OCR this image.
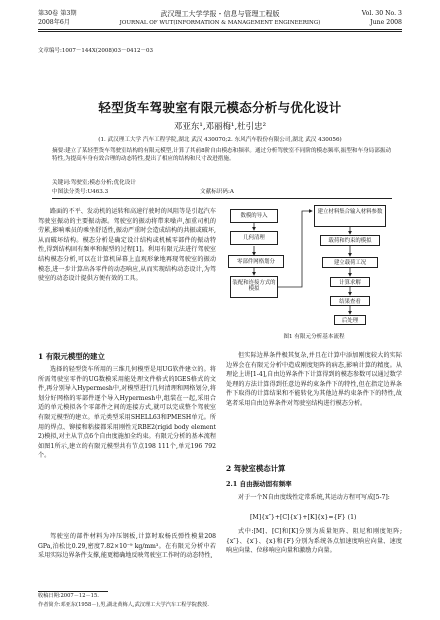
第30卷 第3期
2008年6月
武汉理工大学学报・信息与管理工程版
JOURNAL OF WUT(INFORMATION & MANAGEMENT ENGINEERING)
Vol. 30 No. 3
June 2008
文章编号:1007－144X(2008)03－0412－03
轻型货车驾驶室有限元模态分析与优化设计
邓亚东¹,邓丽梅¹,杜引忠²
(1. 武汉理工大学 汽车工程学院,湖北 武汉 430070;2. 东风汽车股份有限公司,湖北 武汉 430056)
摘要:建立了某轻型货车驾驶室结构的有限元模型,计算了其前8阶自由模态和频率。通过分析驾驶室不同阶的模态频率,振型和车身局部振动特性,为提高车身有效合理的动态特性,提出了相应的结构和尺寸改进措施。
关键词:驾驶室;模态分析;优化设计
中图法分类号:U463.3	文献标识码:A
路面的不平、发动机的运转和高速行驶时的风阻等是引起汽车驾驶室振动的主要振动源。驾驶室的振动将带来噪声,加重司机的劳累,影响乘员的乘坐舒适性,振动严重时会造成结构的共振或破坏,从而破坏结构。模态分析是确定设计结构或机械零部件的振动特性,得到结构固有频率和振型的过程[1]。利用有限元法进行驾驶室结构模态分析,可以在计算机屏幕上直观形象地再现驾驶室的振动模态,进一步计算出各零件的动态响应,从而实现结构动态设计,为驾驶室的动态设计提供方便有效的工具。
1 有限元模型的建立
选择的轻型货车所用的三维几何模型是用UG软件建立的。将所需驾驶室零件的UG数模采用能处理文件格式的IGES格式的文件,再分别导入Hypermesh中,对模型进行几何清理和网格划分,将划分好网格的零部件逐个导入Hypermesh中,组装在一起,采用合适的单元模拟各个零部件之间的连接方式,就可以完成整个驾驶室有限元模型的建立。单元类型采用SHELL63和PMESH单元。所用的焊点、铆接和粘接都采用刚性元RBE2(rigid body element 2)模拟,对主从节点6个自由度施加全约束。有限元分析的基本流程如图1所示,建立的有限元模型共有节点198 111个,单元196 792个。
驾驶室的部件材料为冲压钢板,计算时取杨氏弹性模量208 GPa,泊松比0.29,密度7.82×10⁻⁹ kg/mm³。在有限元分析中若采用实际边界条件支撑,能更精确地反映驾驶室工作时的动态特性,
收稿日期:2007－12－15.
作者简介:邓亚东(1958－),男,湖北黄梅人,武汉理工大学汽车工程学院教授.
数模的导入
几何清理
零部件网格划分
装配和连接方式的模拟
建立材料集合输入材料参数
载荷和约束的模拟
建立载荷工况
计算求解
结果查看
后处理
图1 有限元分析基本流程
但实际边界条件极其复杂,并且在计算中添加刚度较大的实际边界会在有限元分析中造成刚度矩阵的病态,影响计算的精度。从理论上讲[1-4],自由边界条件下计算得到的模态参数可以通过数学处理的方法计算得到任意边界约束条件下的特性,但在指定边界条件下取得的计算结果和不能转化为其他边界约束条件下的特性,故笔者采用自由边界条件对驾驶室结构进行模态分析。
2 驾驶室模态计算
2.1 自由振动固有频率
对于一个N自由度线性定常系统,其运动方程可写成[5-7]:
[M]{x″}+[C]{x′}+[K]{x}={F} (1)
式中:[M]、[C]和[K]分别为质量矩阵、阻尼和刚度矩阵;{x″}、{x′}、{x}和{F}分别为系统各点加速度响应向量、速度响应向量、位移响应向量和激励力向量。
